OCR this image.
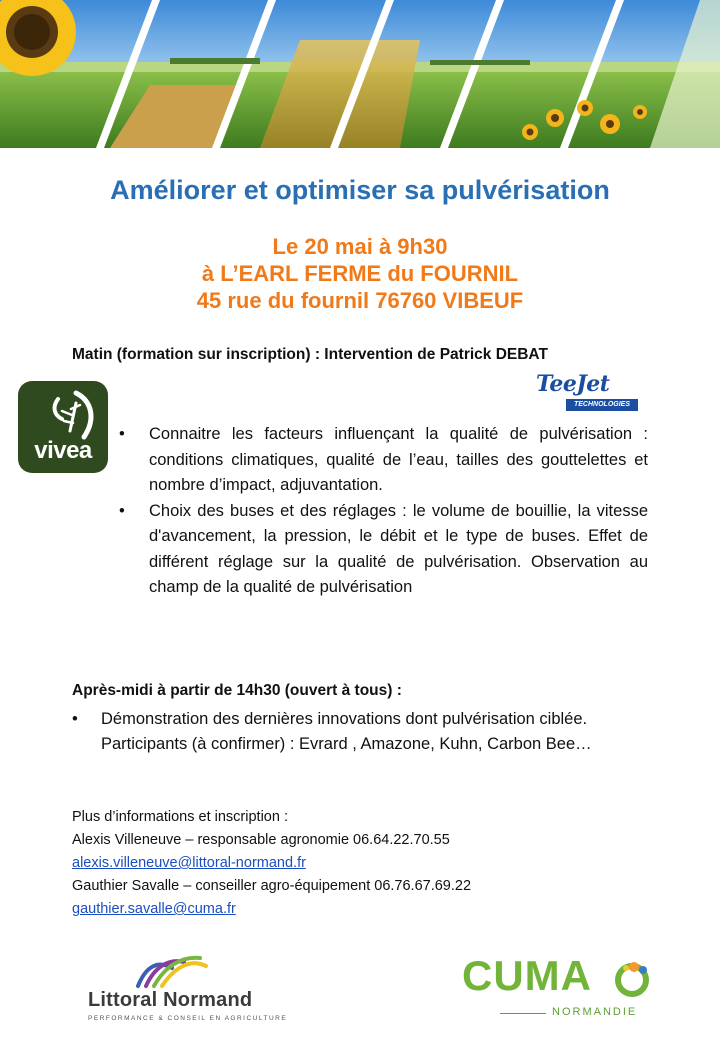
Améliorer et optimiser sa pulvérisation
Le 20 mai à 9h30
à L’EARL FERME du FOURNIL
45 rue du fournil 76760 VIBEUF
Matin (formation sur inscription) : Intervention de Patrick DEBAT
vivea
TeeJet
TECHNOLOGIES
• Connaitre les facteurs influençant la qualité de pulvérisation : conditions climatiques, qualité de l’eau, tailles des gouttelettes et nombre d’impact, adjuvantation.
• Choix des buses et des réglages : le volume de bouillie, la vitesse d'avancement, la pression, le débit et le type de buses. Effet de différent réglage sur la qualité de pulvérisation. Observation au champ de la qualité de pulvérisation
Après-midi à partir de 14h30 (ouvert à tous) :
• Démonstration des dernières innovations dont pulvérisation ciblée. Participants (à confirmer) : Evrard , Amazone, Kuhn, Carbon Bee…
Plus d’informations et inscription :
Alexis Villeneuve – responsable agronomie 06.64.22.70.55
alexis.villeneuve@littoral-normand.fr
Gauthier Savalle – conseiller agro-équipement 06.76.67.69.22
gauthier.savalle@cuma.fr
Littoral Normand
PERFORMANCE & CONSEIL EN AGRICULTURE
CUMA
NORMANDIE
